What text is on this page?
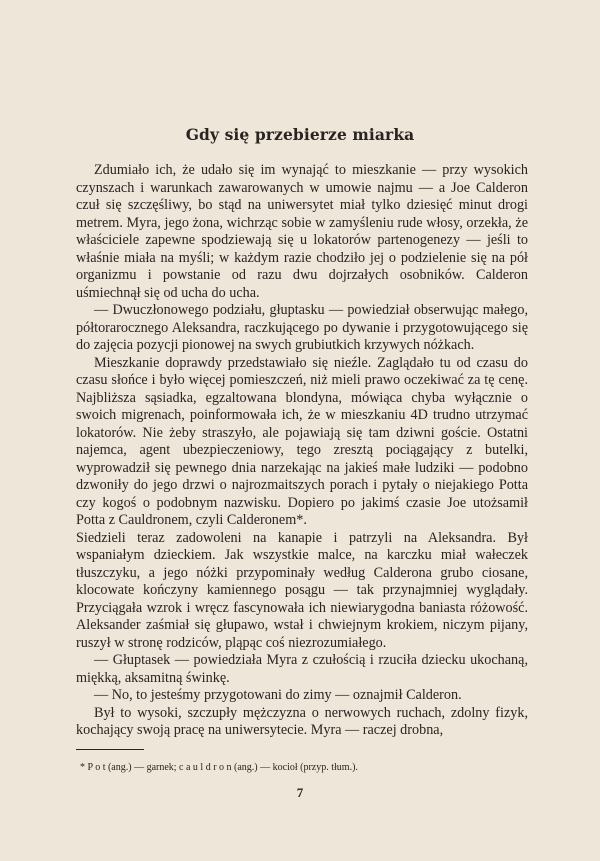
Gdy się przebierze miarka

Zdumiało ich, że udało się im wynająć to mieszkanie — przy wysokich czynszach i warunkach zawarowanych w umowie najmu — a Joe Calderon czuł się szczęśliwy, bo stąd na uniwersytet miał tylko dziesięć minut drogi metrem. Myra, jego żona, wichrząc sobie w zamyśleniu rude włosy, orzekła, że właściciele zapewne spodziewają się u lokatorów partenogenezy — jeśli to właśnie miała na myśli; w każdym razie chodziło jej o podzielenie się na pół organizmu i powstanie od razu dwu dojrzałych osobników. Calderon uśmiechnął się od ucha do ucha.

— Dwuczłonowego podziału, głuptasku — powiedział obserwując małego, półtorarocznego Aleksandra, raczkującego po dywanie i przygotowującego się do zajęcia pozycji pionowej na swych grubiutkich krzywych nóżkach.

Mieszkanie doprawdy przedstawiało się nieźle. Zaglądało tu od czasu do czasu słońce i było więcej pomieszczeń, niż mieli prawo oczekiwać za tę cenę. Najbliższa sąsiadka, egzaltowana blondyna, mówiąca chyba wyłącznie o swoich migrenach, poinformowała ich, że w mieszkaniu 4D trudno utrzymać lokatorów. Nie żeby straszyło, ale pojawiają się tam dziwni goście. Ostatni najemca, agent ubezpieczeniowy, tego zresztą pociągający z butelki, wyprowadził się pewnego dnia narzekając na jakieś małe ludziki — podobno dzwoniły do jego drzwi o najrozmaitszych porach i pytały o niejakiego Potta czy kogoś o podobnym nazwisku. Dopiero po jakimś czasie Joe utożsamił Potta z Cauldronem, czyli Calderonem*.

Siedzieli teraz zadowoleni na kanapie i patrzyli na Aleksandra. Był wspaniałym dzieckiem. Jak wszystkie malce, na karczku miał wałeczek tłuszczyku, a jego nóżki przypominały według Calderona grubo ciosane, klocowate kończyny kamiennego posągu — tak przynajmniej wyglądały. Przyciągała wzrok i wręcz fascynowała ich niewiarygodna baniasta różowość. Aleksander zaśmiał się głupawo, wstał i chwiejnym krokiem, niczym pijany, ruszył w stronę rodziców, pląpąc coś niezrozumiałego.

— Głuptasek — powiedziała Myra z czułością i rzuciła dziecku ukochaną, miękką, aksamitną świnkę.

— No, to jesteśmy przygotowani do zimy — oznajmił Calderon.

Był to wysoki, szczupły mężczyzna o nerwowych ruchach, zdolny fizyk, kochający swoją pracę na uniwersytecie. Myra — raczej drobna,

* P o t (ang.) — garnek; c a u l d r o n (ang.) — kocioł (przyp. tłum.).
7
